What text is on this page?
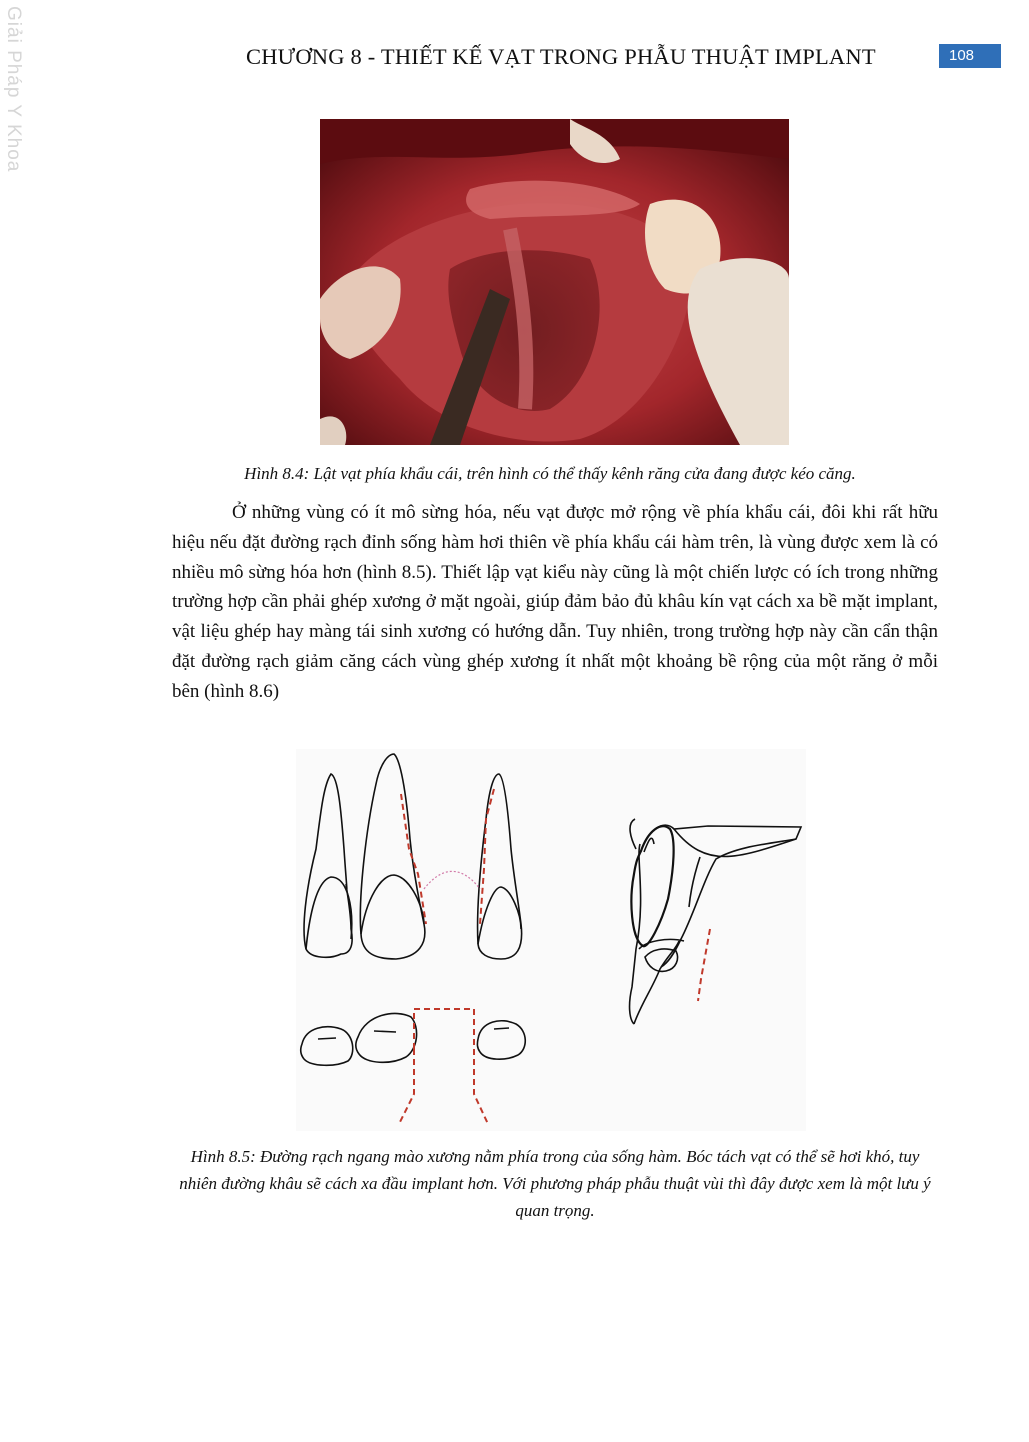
Giải Pháp Y Khoa	CHƯƠNG 8 - THIẾT KẾ VẠT TRONG PHẪU THUẬT IMPLANT	108
Hình 8.4: Lật vạt phía khẩu cái, trên hình có thể thấy kênh răng cửa đang được kéo căng.
Ở những vùng có ít mô sừng hóa, nếu vạt được mở rộng về phía khẩu cái, đôi khi rất hữu hiệu nếu đặt đường rạch đỉnh sống hàm hơi thiên về phía khẩu cái hàm trên, là vùng được xem là có nhiều mô sừng hóa hơn (hình 8.5). Thiết lập vạt kiểu này cũng là một chiến lược có ích trong những trường hợp cần phải ghép xương ở mặt ngoài, giúp đảm bảo đủ khâu kín vạt cách xa bề mặt implant, vật liệu ghép hay màng tái sinh xương có hướng dẫn. Tuy nhiên, trong trường hợp này cần cẩn thận đặt đường rạch giảm căng cách vùng ghép xương ít nhất một khoảng bề rộng của một răng ở mỗi bên (hình 8.6)
Hình 8.5: Đường rạch ngang mào xương nằm phía trong của sống hàm. Bóc tách vạt có thể sẽ hơi khó, tuy nhiên đường khâu sẽ cách xa đầu implant hơn. Với phương pháp phẫu thuật vùi thì đây được xem là một lưu ý quan trọng.
